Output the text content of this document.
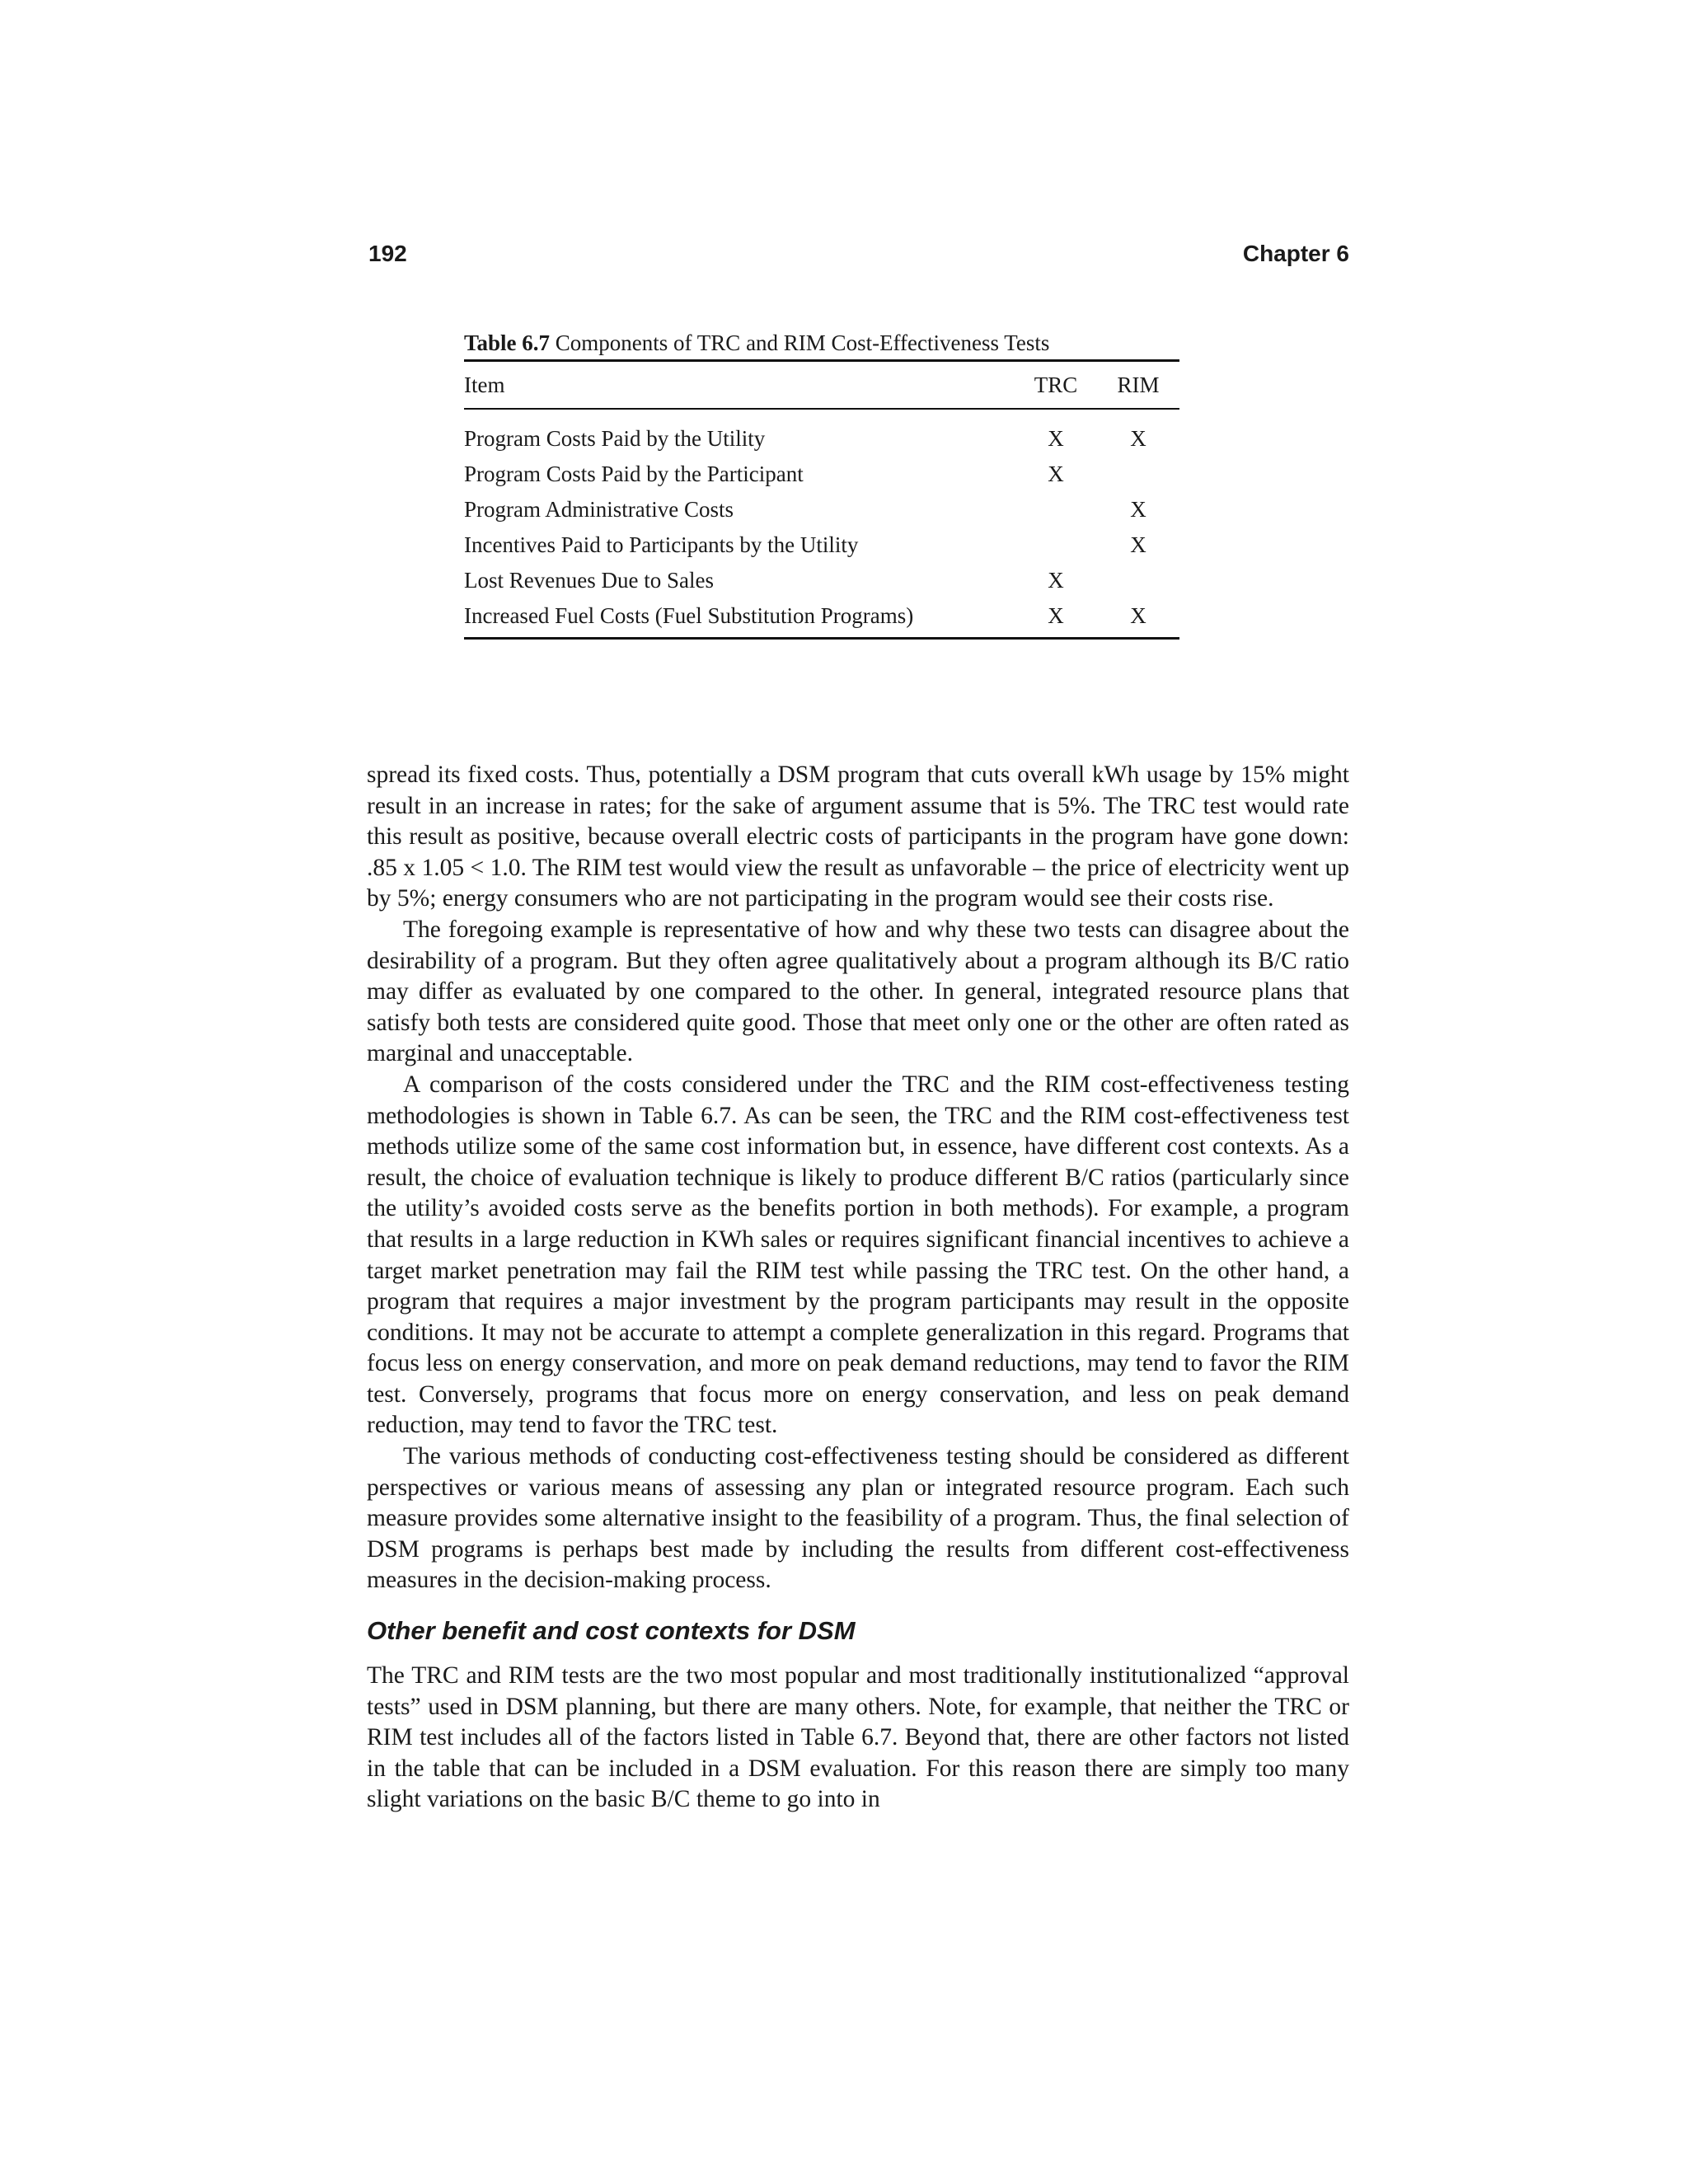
192	Chapter 6
Table 6.7 Components of TRC and RIM Cost-Effectiveness Tests
Item	TRC	RIM
Program Costs Paid by the Utility	X	X
Program Costs Paid by the Participant	X	
Program Administrative Costs		X
Incentives Paid to Participants by the Utility		X
Lost Revenues Due to Sales	X	
Increased Fuel Costs (Fuel Substitution Programs)	X	X

spread its fixed costs. Thus, potentially a DSM program that cuts overall kWh usage by 15% might result in an increase in rates; for the sake of argument assume that is 5%. The TRC test would rate this result as positive, because overall electric costs of participants in the program have gone down: .85 x 1.05 < 1.0. The RIM test would view the result as unfavorable – the price of electricity went up by 5%; energy consumers who are not participating in the program would see their costs rise.

The foregoing example is representative of how and why these two tests can disagree about the desirability of a program. But they often agree qualitatively about a program although its B/C ratio may differ as evaluated by one compared to the other. In general, integrated resource plans that satisfy both tests are considered quite good. Those that meet only one or the other are often rated as marginal and unacceptable.

A comparison of the costs considered under the TRC and the RIM cost-effectiveness testing methodologies is shown in Table 6.7. As can be seen, the TRC and the RIM cost-effectiveness test methods utilize some of the same cost information but, in essence, have different cost contexts. As a result, the choice of evaluation technique is likely to produce different B/C ratios (particularly since the utility’s avoided costs serve as the benefits portion in both methods). For example, a program that results in a large reduction in KWh sales or requires significant financial incentives to achieve a target market penetration may fail the RIM test while passing the TRC test. On the other hand, a program that requires a major investment by the program participants may result in the opposite conditions. It may not be accurate to attempt a complete generalization in this regard. Programs that focus less on energy conservation, and more on peak demand reductions, may tend to favor the RIM test. Conversely, programs that focus more on energy conservation, and less on peak demand reduction, may tend to favor the TRC test.

The various methods of conducting cost-effectiveness testing should be considered as different perspectives or various means of assessing any plan or integrated resource program. Each such measure provides some alternative insight to the feasibility of a program. Thus, the final selection of DSM programs is perhaps best made by including the results from different cost-effectiveness measures in the decision-making process.

Other benefit and cost contexts for DSM

The TRC and RIM tests are the two most popular and most traditionally institutionalized “approval tests” used in DSM planning, but there are many others. Note, for example, that neither the TRC or RIM test includes all of the factors listed in Table 6.7. Beyond that, there are other factors not listed in the table that can be included in a DSM evaluation. For this reason there are simply too many slight variations on the basic B/C theme to go into in
